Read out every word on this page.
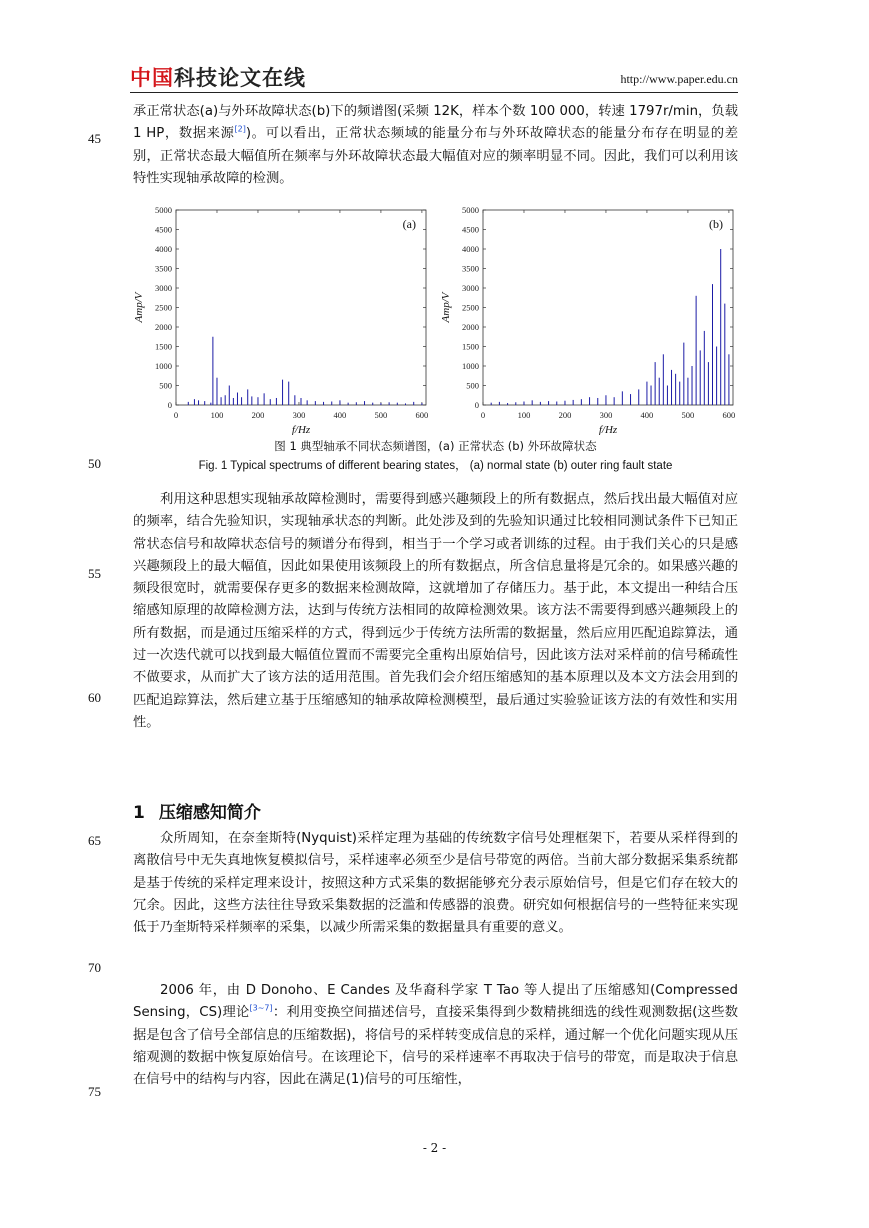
中国科技论文在线	http://www.paper.edu.cn

承正常状态(a)与外环故障状态(b)下的频谱图(采频 12K，样本个数 100 000，转速 1797r/min，负载 1 HP，数据来源[2])。可以看出，正常状态频域的能量分布与外环故障状态的能量分布存在明显的差别，正常状态最大幅值所在频率与外环故障状态最大幅值对应的频率明显不同。因此，我们可以利用该特性实现轴承故障的检测。

45
50
55
60
65
70
75
0
500
1000
1500
2000
2500
3000
3500
4000
4500
5000
0	100	200	300	400	500	600
(a)
f/Hz
Amp/V
0
500
1000
1500
2000
2500
3000
3500
4000
4500
5000
0	100	200	300	400	500	600
(b)
f/Hz
Amp/V
图 1 典型轴承不同状态频谱图，(a) 正常状态 (b) 外环故障状态
Fig. 1 Typical spectrums of different bearing states， (a) normal state (b) outer ring fault state

利用这种思想实现轴承故障检测时，需要得到感兴趣频段上的所有数据点，然后找出最大幅值对应的频率，结合先验知识，实现轴承状态的判断。此处涉及到的先验知识通过比较相同测试条件下已知正常状态信号和故障状态信号的频谱分布得到，相当于一个学习或者训练的过程。由于我们关心的只是感兴趣频段上的最大幅值，因此如果使用该频段上的所有数据点，所含信息量将是冗余的。如果感兴趣的频段很宽时，就需要保存更多的数据来检测故障，这就增加了存储压力。基于此，本文提出一种结合压缩感知原理的故障检测方法，达到与传统方法相同的故障检测效果。该方法不需要得到感兴趣频段上的所有数据，而是通过压缩采样的方式，得到远少于传统方法所需的数据量，然后应用匹配追踪算法，通过一次迭代就可以找到最大幅值位置而不需要完全重构出原始信号，因此该方法对采样前的信号稀疏性不做要求，从而扩大了该方法的适用范围。首先我们会介绍压缩感知的基本原理以及本文方法会用到的匹配追踪算法，然后建立基于压缩感知的轴承故障检测模型，最后通过实验验证该方法的有效性和实用性。

1 压缩感知简介

众所周知，在奈奎斯特(Nyquist)采样定理为基础的传统数字信号处理框架下，若要从采样得到的离散信号中无失真地恢复模拟信号，采样速率必须至少是信号带宽的两倍。当前大部分数据采集系统都是基于传统的采样定理来设计，按照这种方式采集的数据能够充分表示原始信号，但是它们存在较大的冗余。因此，这些方法往往导致采集数据的泛滥和传感器的浪费。研究如何根据信号的一些特征来实现低于乃奎斯特采样频率的采集，以减少所需采集的数据量具有重要的意义。

2006 年，由 D Donoho、E Candes 及华裔科学家 T Tao 等人提出了压缩感知(Compressed Sensing，CS)理论[3~7]：利用变换空间描述信号，直接采集得到少数精挑细选的线性观测数据(这些数据是包含了信号全部信息的压缩数据)，将信号的采样转变成信息的采样，通过解一个优化问题实现从压缩观测的数据中恢复原始信号。在该理论下，信号的采样速率不再取决于信号的带宽，而是取决于信息在信号中的结构与内容，因此在满足(1)信号的可压缩性，

- 2 -
